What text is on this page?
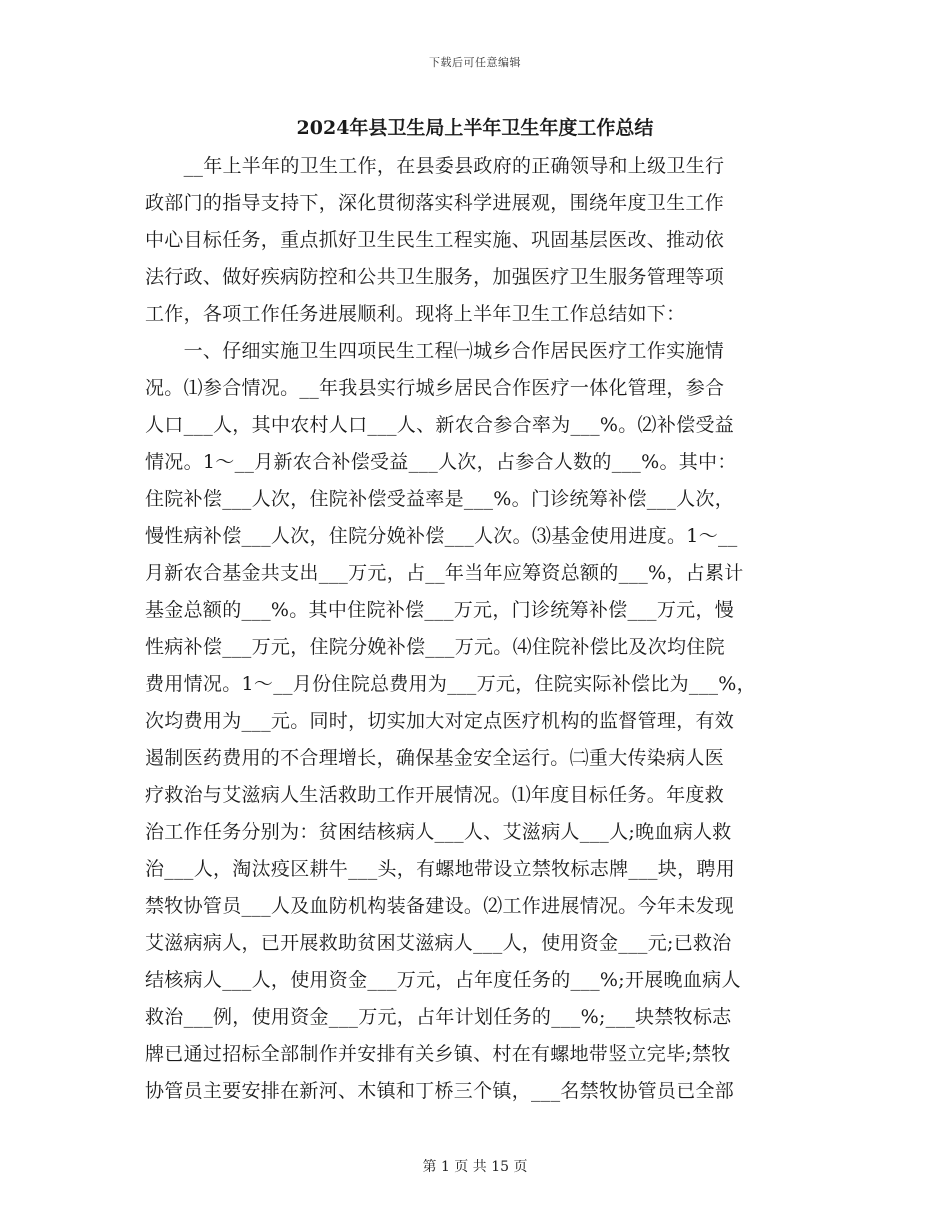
下载后可任意编辑
2024年县卫生局上半年卫生年度工作总结
　　__年上半年的卫生工作，在县委县政府的正确领导和上级卫生行
政部门的指导支持下，深化贯彻落实科学进展观，围绕年度卫生工作
中心目标任务，重点抓好卫生民生工程实施、巩固基层医改、推动依
法行政、做好疾病防控和公共卫生服务，加强医疗卫生服务管理等项
工作，各项工作任务进展顺利。现将上半年卫生工作总结如下：
　　一、仔细实施卫生四项民生工程㈠城乡合作居民医疗工作实施情
况。⑴参合情况。__年我县实行城乡居民合作医疗一体化管理，参合
人口___人，其中农村人口___人、新农合参合率为___%。⑵补偿受益
情况。1～__月新农合补偿受益___人次，占参合人数的___%。其中：
住院补偿___人次，住院补偿受益率是___%。门诊统筹补偿___人次，
慢性病补偿___人次，住院分娩补偿___人次。⑶基金使用进度。1～__
月新农合基金共支出___万元，占__年当年应筹资总额的___%，占累计
基金总额的___%。其中住院补偿___万元，门诊统筹补偿___万元，慢
性病补偿___万元，住院分娩补偿___万元。⑷住院补偿比及次均住院
费用情况。1～__月份住院总费用为___万元，住院实际补偿比为___%，
次均费用为___元。同时，切实加大对定点医疗机构的监督管理，有效
遏制医药费用的不合理增长，确保基金安全运行。㈡重大传染病人医
疗救治与艾滋病人生活救助工作开展情况。⑴年度目标任务。年度救
治工作任务分别为：贫困结核病人___人、艾滋病人___人;晚血病人救
治___人，淘汰疫区耕牛___头，有螺地带设立禁牧标志牌___块，聘用
禁牧协管员___人及血防机构装备建设。⑵工作进展情况。今年未发现
艾滋病病人，已开展救助贫困艾滋病人___人，使用资金___元;已救治
结核病人___人，使用资金___万元，占年度任务的___%;开展晚血病人
救治___例，使用资金___万元，占年计划任务的___%;___块禁牧标志
牌已通过招标全部制作并安排有关乡镇、村在有螺地带竖立完毕;禁牧
协管员主要安排在新河、木镇和丁桥三个镇，___名禁牧协管员已全部
第 1 页 共 15 页
